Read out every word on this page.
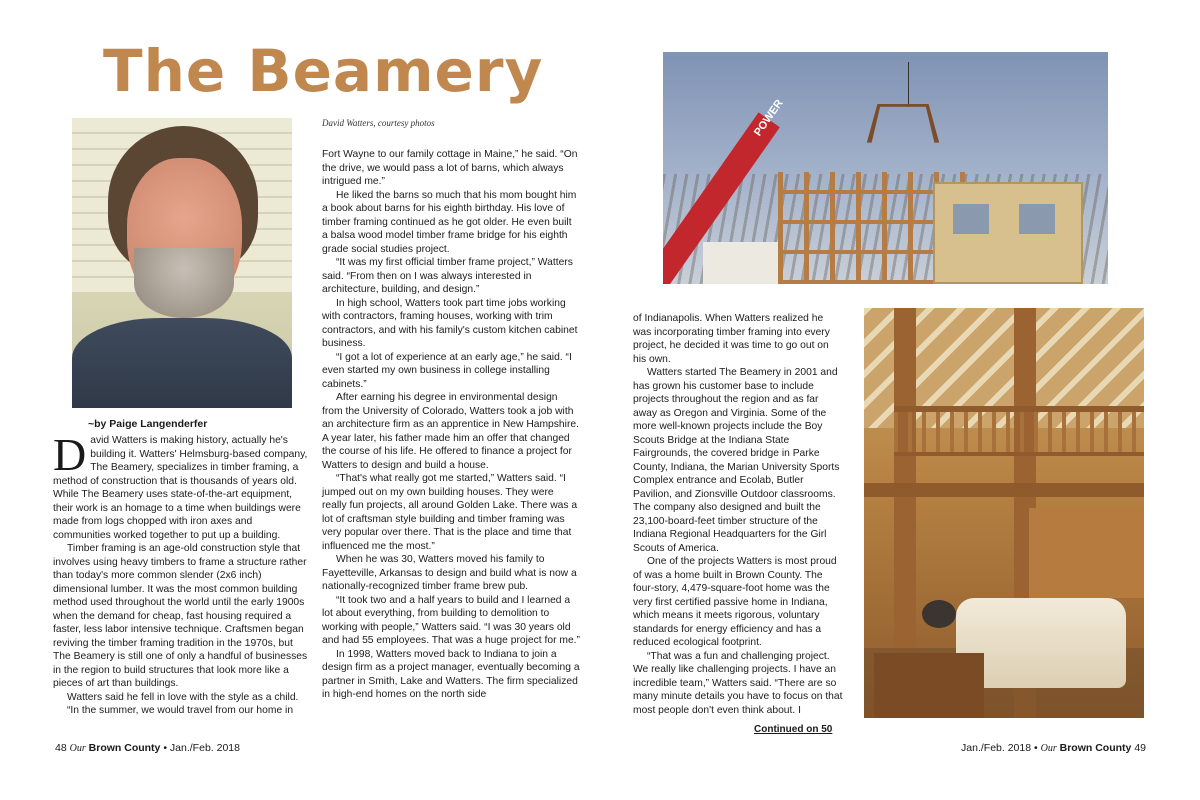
The Beamery
David Watters, courtesy photos
~by Paige Langenderfer
D avid Watters is making history, actually he's building it. Watters' Helmsburg-based company, The Beamery, specializes in timber framing, a method of construction that is thousands of years old. While The Beamery uses state-of-the-art equipment, their work is an homage to a time when buildings were made from logs chopped with iron axes and communities worked together to put up a building.

Timber framing is an age-old construction style that involves using heavy timbers to frame a structure rather than today's more common slender (2x6 inch) dimensional lumber. It was the most common building method used throughout the world until the early 1900s when the demand for cheap, fast housing required a faster, less labor intensive technique. Craftsmen began reviving the timber framing tradition in the 1970s, but The Beamery is still one of only a handful of businesses in the region to build structures that look more like a pieces of art than buildings.

Watters said he fell in love with the style as a child.

“In the summer, we would travel from our home in

Fort Wayne to our family cottage in Maine,” he said. “On the drive, we would pass a lot of barns, which always intrigued me.”

He liked the barns so much that his mom bought him a book about barns for his eighth birthday. His love of timber framing continued as he got older. He even built a balsa wood model timber frame bridge for his eighth grade social studies project.

“It was my first official timber frame project,” Watters said. “From then on I was always interested in architecture, building, and design.”

In high school, Watters took part time jobs working with contractors, framing houses, working with trim contractors, and with his family's custom kitchen cabinet business.

“I got a lot of experience at an early age,” he said. “I even started my own business in college installing cabinets.”

After earning his degree in environmental design from the University of Colorado, Watters took a job with an architecture firm as an apprentice in New Hampshire. A year later, his father made him an offer that changed the course of his life. He offered to finance a project for Watters to design and build a house.

“That's what really got me started,” Watters said. “I jumped out on my own building houses. They were really fun projects, all around Golden Lake. There was a lot of craftsman style building and timber framing was very popular over there. That is the place and time that influenced me the most.”

When he was 30, Watters moved his family to Fayetteville, Arkansas to design and build what is now a nationally-recognized timber frame brew pub.

“It took two and a half years to build and I learned a lot about everything, from building to demolition to working with people,” Watters said. “I was 30 years old and had 55 employees. That was a huge project for me.”

In 1998, Watters moved back to Indiana to join a design firm as a project manager, eventually becoming a partner in Smith, Lake and Watters. The firm specialized in high-end homes on the north side

of Indianapolis. When Watters realized he was incorporating timber framing into every project, he decided it was time to go out on his own.

Watters started The Beamery in 2001 and has grown his customer base to include projects throughout the region and as far away as Oregon and Virginia. Some of the more well-known projects include the Boy Scouts Bridge at the Indiana State Fairgrounds, the covered bridge in Parke County, Indiana, the Marian University Sports Complex entrance and Ecolab, Butler Pavilion, and Zionsville Outdoor classrooms. The company also designed and built the 23,100-board-feet timber structure of the Indiana Regional Headquarters for the Girl Scouts of America.

One of the projects Watters is most proud of was a home built in Brown County. The four-story, 4,479-square-foot home was the very first certified passive home in Indiana, which means it meets rigorous, voluntary standards for energy efficiency and has a reduced ecological footprint.

“That was a fun and challenging project. We really like challenging projects. I have an incredible team,” Watters said. “There are so many minute details you have to focus on that most people don't even think about. I

Continued on 50
POWER
48 Our Brown County • Jan./Feb. 2018	Jan./Feb. 2018 • Our Brown County 49
